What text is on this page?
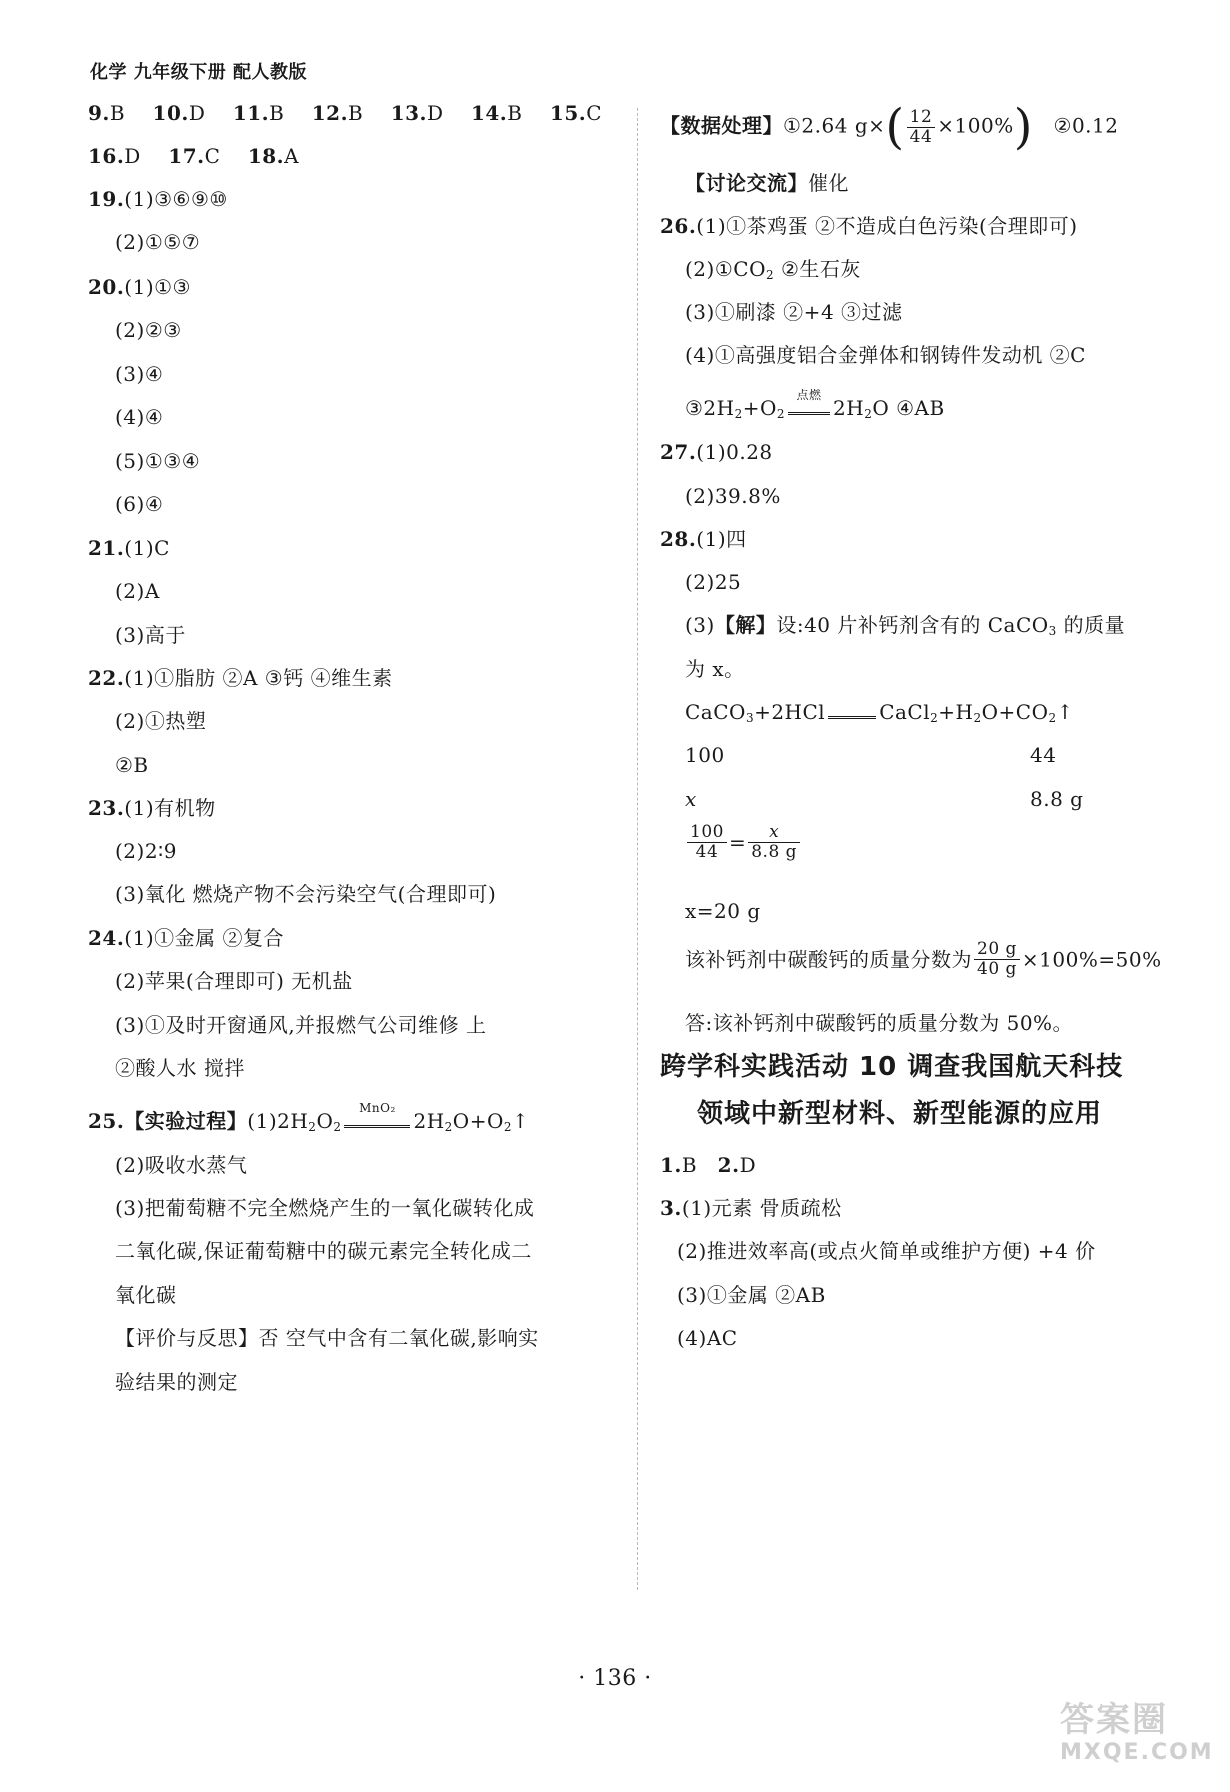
化学 九年级下册 配人教版
9.B 10.D 11.B 12.B 13.D 14.B 15.C
16.D 17.C 18.A
19.(1)③⑥⑨⑩
(2)①⑤⑦
20.(1)①③
(2)②③
(3)④
(4)④
(5)①③④
(6)④
21.(1)C
(2)A
(3)高于
22.(1)①脂肪 ②A ③钙 ④维生素
(2)①热塑
②B
23.(1)有机物
(2)2∶9
(3)氧化 燃烧产物不会污染空气(合理即可)
24.(1)①金属 ②复合
(2)苹果(合理即可) 无机盐
(3)①及时开窗通风,并报燃气公司维修 上
②酸人水 搅拌
25.【实验过程】$(1)2H_2O_2$
MnO₂
$2H_2O+O_2↑$
(2)吸收水蒸气
(3)把葡萄糖不完全燃烧产生的一氧化碳转化成
二氧化碳,保证葡萄糖中的碳元素完全转化成二
氧化碳
【评价与反思】否 空气中含有二氧化碳,影响实
验结果的测定
【数据处理】①2.64 $g\times( \frac{12}{44} \times 100\%)$ ②0.12
【讨论交流】催化
26.(1)①茶鸡蛋 ②不造成白色污染(合理即可)
$(2)①CO_2$ ②生石灰
(3)①刷漆 ②+4 ③过滤
(4)①高强度铝合金弹体和钢铸件发动机 ②C
$③2H_2+O_2$
点燃
$2H_2O$ ④AB
27.(1)0.28
(2)39.8%
28.(1)四
(2)25
(3)【解】设:40 片补钙剂含有的 CaCO$_3$ 的质量
为 x。
CaCO$_3$+2HCl	$CaCl_2+H_2O+CO_2↑$
100	44
x	8.8 g
$\frac{100}{44} = \frac{x}{8.8 g}$
x=20 g
该补钙剂中碳酸钙的质量分数为 $\frac{20 g}{40 g} \times 100\%=50\%$
答:该补钙剂中碳酸钙的质量分数为 50%。
跨学科实践活动 10 调查我国航天科技
领域中新型材料、新型能源的应用
1.B 2.D
3.(1)元素 骨质疏松
(2)推进效率高(或点火简单或维护方便) +4 价
(3)①金属 ②AB
(4)AC
· 136 ·
答案圈
MXQE.COM
